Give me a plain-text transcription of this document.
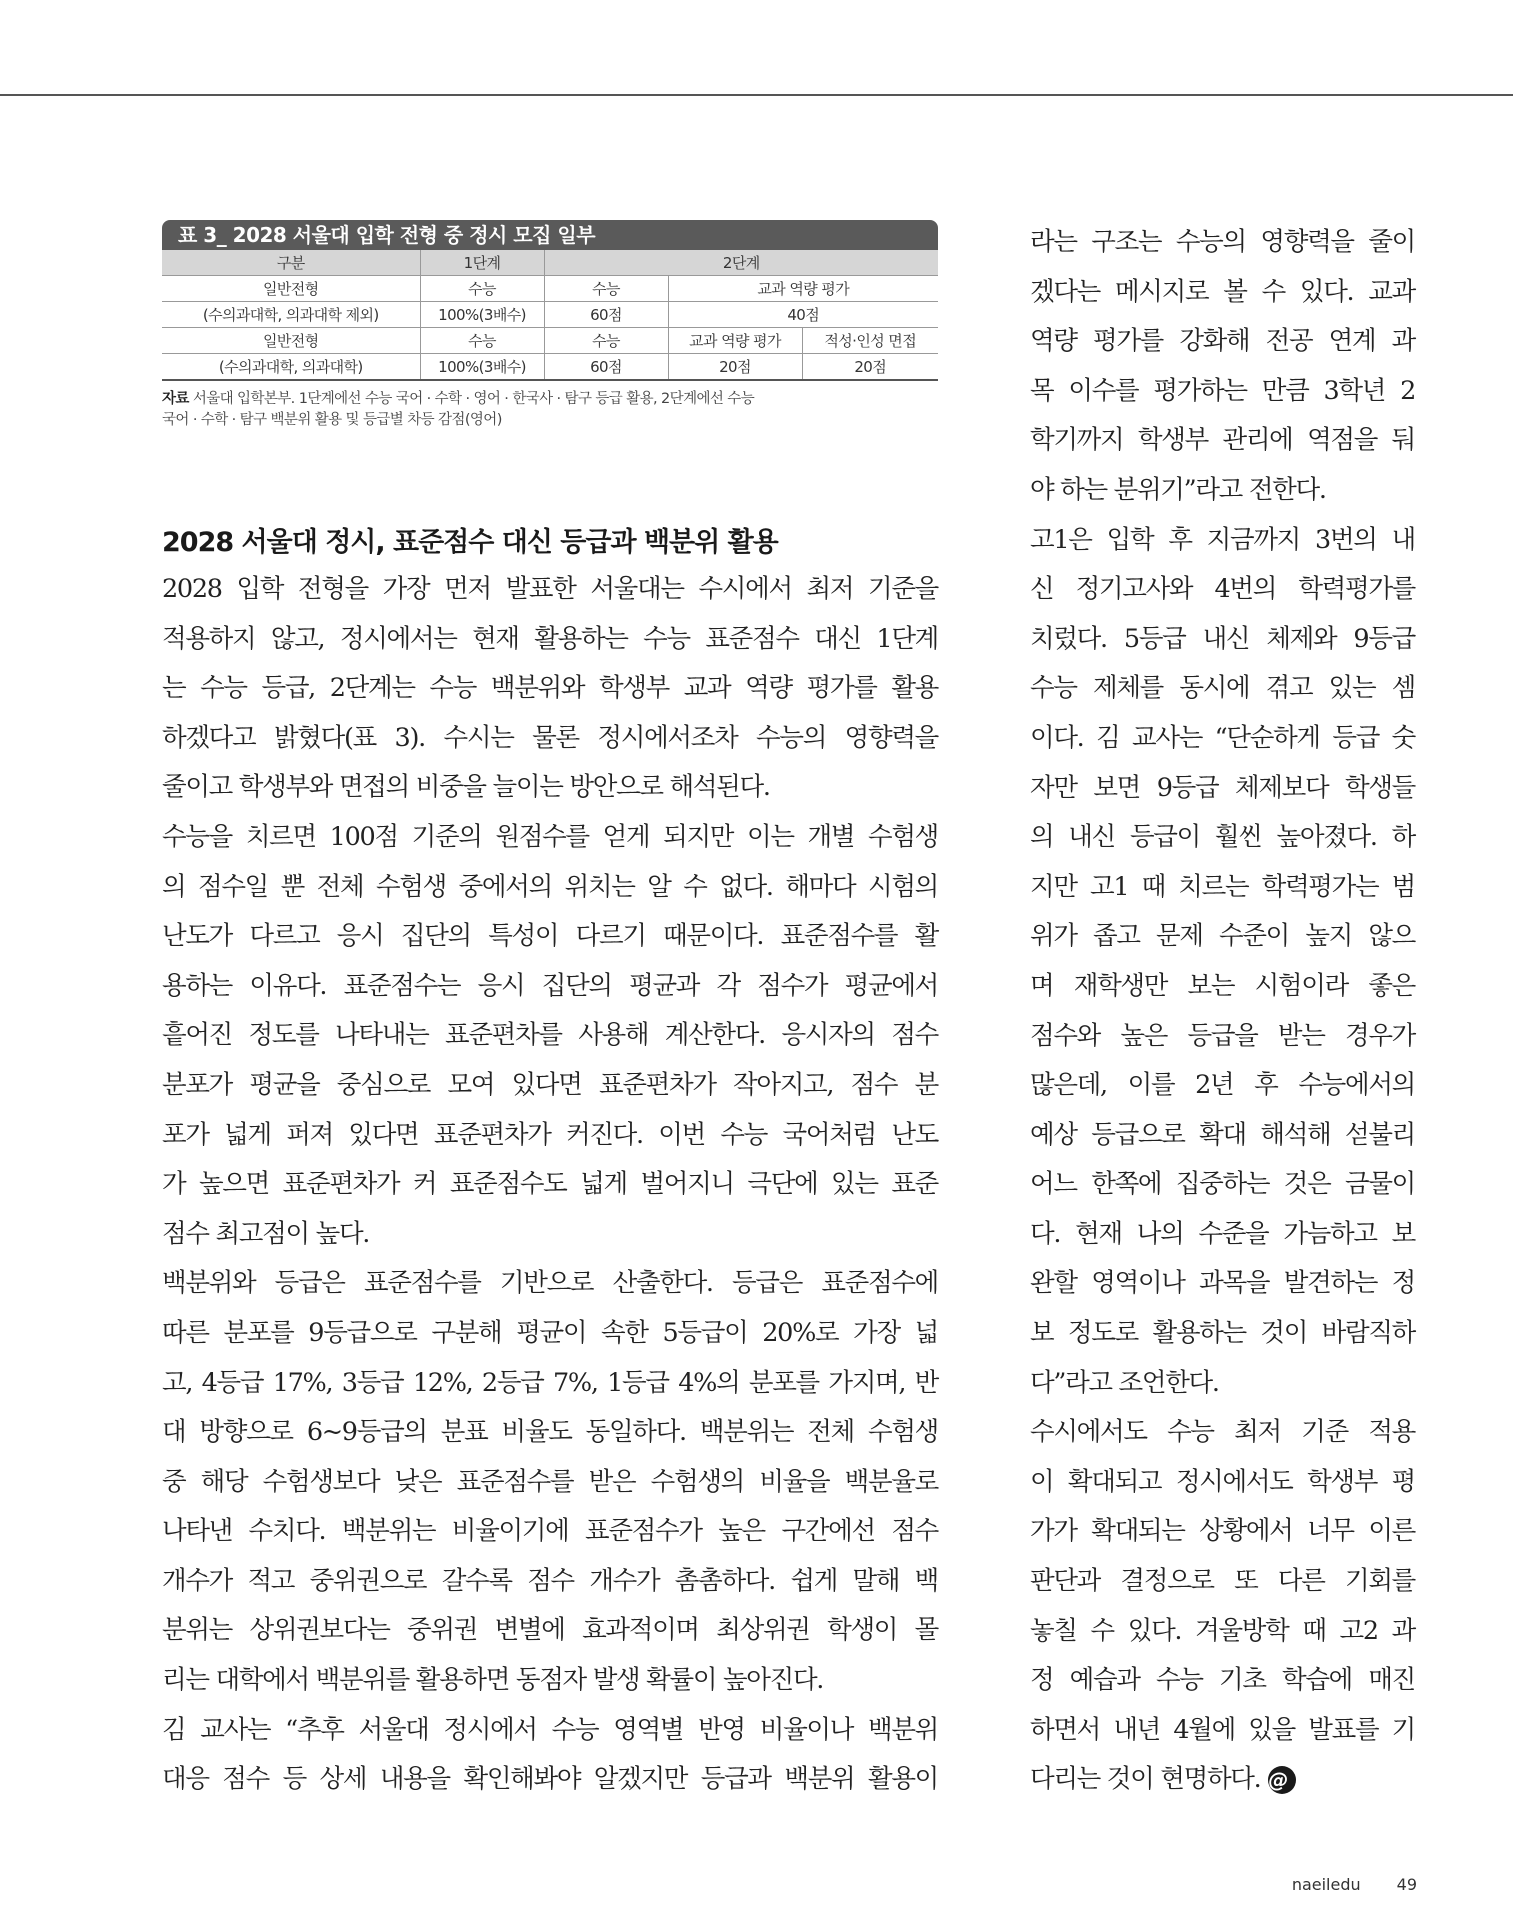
표 3_ 2028 서울대 입학 전형 중 정시 모집 일부
구분	1단계	2단계		
일반전형	수능	수능	교과 역량 평가	
(수의과대학, 의과대학 제외)	100%(3배수)	60점	40점	
일반전형	수능	수능	교과 역량 평가	적성·인성 면접
(수의과대학, 의과대학)	100%(3배수)	60점	20점	20점
자료 서울대 입학본부. 1단계에선 수능 국어 · 수학 · 영어 · 한국사 · 탐구 등급 활용, 2단계에선 수능
국어 · 수학 · 탐구 백분위 활용 및 등급별 차등 감점(영어)
2028 서울대 정시, 표준점수 대신 등급과 백분위 활용
2028 입학 전형을 가장 먼저 발표한 서울대는 수시에서 최저 기준을
적용하지 않고, 정시에서는 현재 활용하는 수능 표준점수 대신 1단계
는 수능 등급, 2단계는 수능 백분위와 학생부 교과 역량 평가를 활용
하겠다고 밝혔다(표 3). 수시는 물론 정시에서조차 수능의 영향력을
줄이고 학생부와 면접의 비중을 늘이는 방안으로 해석된다.
수능을 치르면 100점 기준의 원점수를 얻게 되지만 이는 개별 수험생
의 점수일 뿐 전체 수험생 중에서의 위치는 알 수 없다. 해마다 시험의
난도가 다르고 응시 집단의 특성이 다르기 때문이다. 표준점수를 활
용하는 이유다. 표준점수는 응시 집단의 평균과 각 점수가 평균에서
흩어진 정도를 나타내는 표준편차를 사용해 계산한다. 응시자의 점수
분포가 평균을 중심으로 모여 있다면 표준편차가 작아지고, 점수 분
포가 넓게 퍼져 있다면 표준편차가 커진다. 이번 수능 국어처럼 난도
가 높으면 표준편차가 커 표준점수도 넓게 벌어지니 극단에 있는 표준
점수 최고점이 높다.
백분위와 등급은 표준점수를 기반으로 산출한다. 등급은 표준점수에
따른 분포를 9등급으로 구분해 평균이 속한 5등급이 20%로 가장 넓
고, 4등급 17%, 3등급 12%, 2등급 7%, 1등급 4%의 분포를 가지며, 반
대 방향으로 6~9등급의 분표 비율도 동일하다. 백분위는 전체 수험생
중 해당 수험생보다 낮은 표준점수를 받은 수험생의 비율을 백분율로
나타낸 수치다. 백분위는 비율이기에 표준점수가 높은 구간에선 점수
개수가 적고 중위권으로 갈수록 점수 개수가 촘촘하다. 쉽게 말해 백
분위는 상위권보다는 중위권 변별에 효과적이며 최상위권 학생이 몰
리는 대학에서 백분위를 활용하면 동점자 발생 확률이 높아진다.
김 교사는 “추후 서울대 정시에서 수능 영역별 반영 비율이나 백분위
대응 점수 등 상세 내용을 확인해봐야 알겠지만 등급과 백분위 활용이
라는 구조는 수능의 영향력을 줄이
겠다는 메시지로 볼 수 있다. 교과
역량 평가를 강화해 전공 연계 과
목 이수를 평가하는 만큼 3학년 2
학기까지 학생부 관리에 역점을 둬
야 하는 분위기”라고 전한다.
고1은 입학 후 지금까지 3번의 내
신 정기고사와 4번의 학력평가를
치렀다. 5등급 내신 체제와 9등급
수능 제체를 동시에 겪고 있는 셈
이다. 김 교사는 “단순하게 등급 숫
자만 보면 9등급 체제보다 학생들
의 내신 등급이 훨씬 높아졌다. 하
지만 고1 때 치르는 학력평가는 범
위가 좁고 문제 수준이 높지 않으
며 재학생만 보는 시험이라 좋은
점수와 높은 등급을 받는 경우가
많은데, 이를 2년 후 수능에서의
예상 등급으로 확대 해석해 섣불리
어느 한쪽에 집중하는 것은 금물이
다. 현재 나의 수준을 가늠하고 보
완할 영역이나 과목을 발견하는 정
보 정도로 활용하는 것이 바람직하
다”라고 조언한다.
수시에서도 수능 최저 기준 적용
이 확대되고 정시에서도 학생부 평
가가 확대되는 상황에서 너무 이른
판단과 결정으로 또 다른 기회를
놓칠 수 있다. 겨울방학 때 고2 과
정 예습과 수능 기초 학습에 매진
하면서 내년 4월에 있을 발표를 기
다리는 것이 현명하다. @
naeiledu 49
